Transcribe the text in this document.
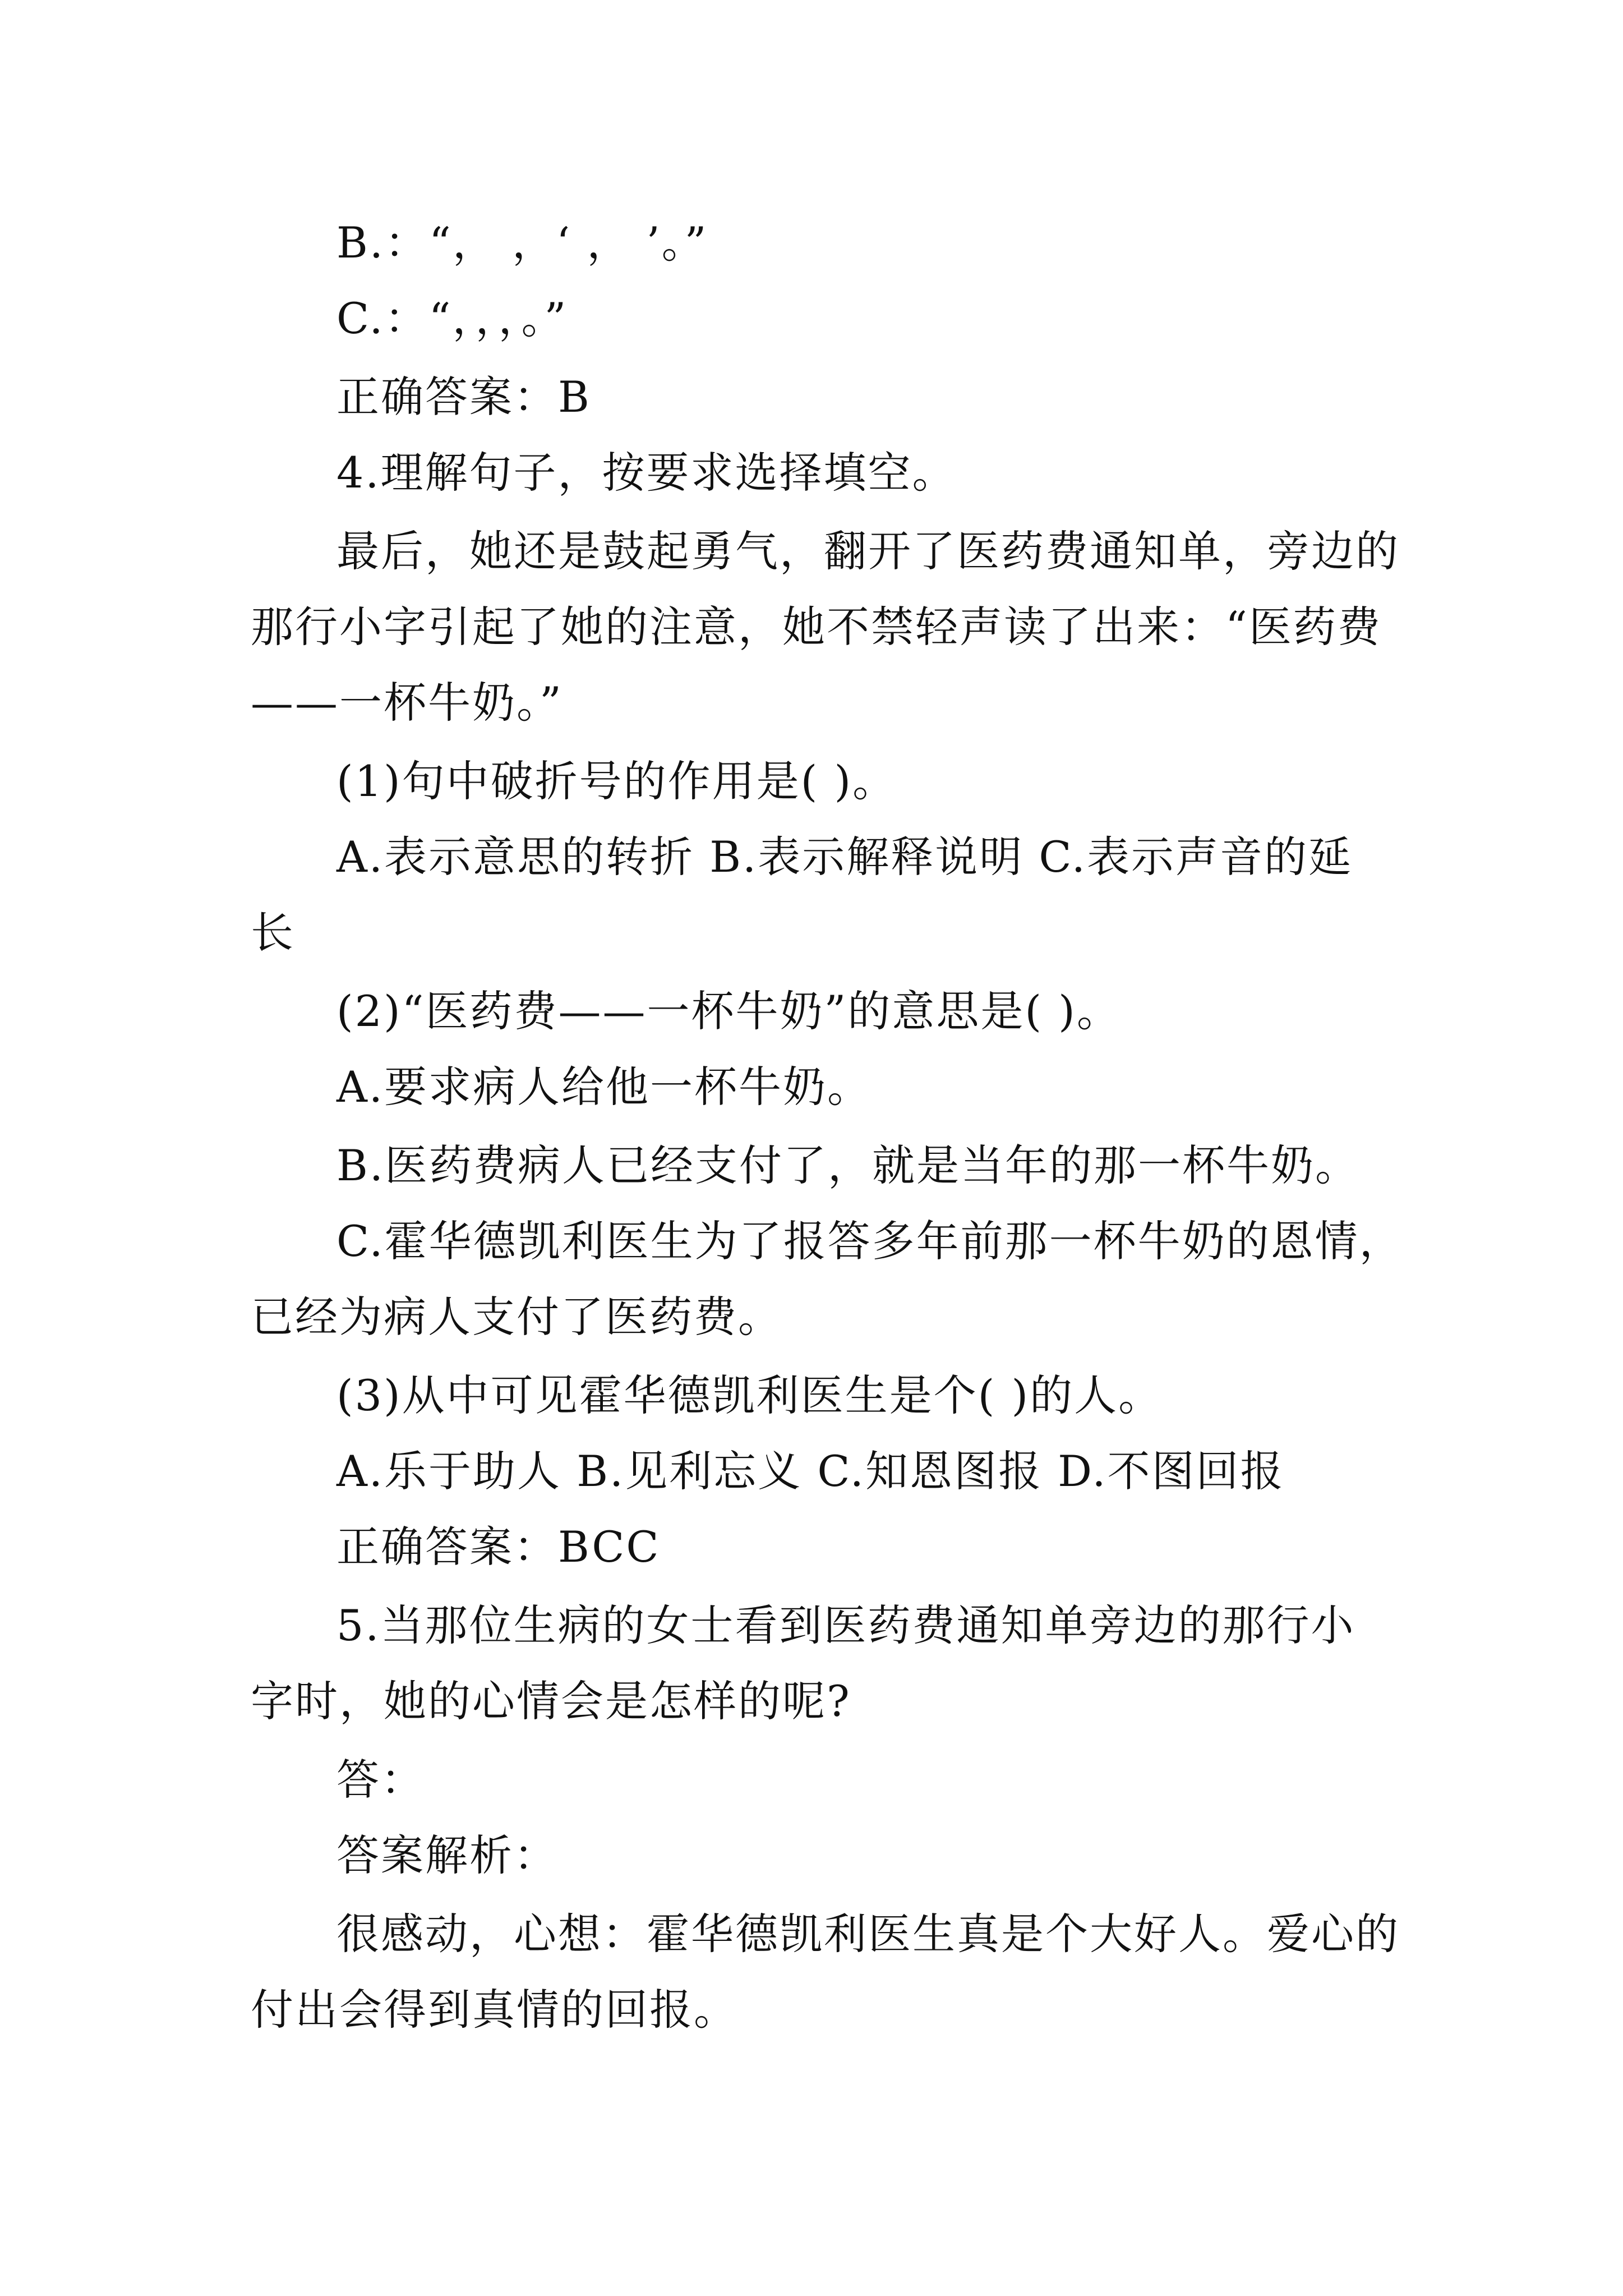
B.：“， ，‘ ， ’。”
C.：“，，，。”
正确答案：B
4.理解句子，按要求选择填空。
最后，她还是鼓起勇气，翻开了医药费通知单，旁边的
那行小字引起了她的注意，她不禁轻声读了出来：“医药费
——一杯牛奶。”
(1)句中破折号的作用是( )。
A.表示意思的转折 B.表示解释说明 C.表示声音的延
长
(2)“医药费——一杯牛奶”的意思是( )。
A.要求病人给他一杯牛奶。
B.医药费病人已经支付了，就是当年的那一杯牛奶。
C.霍华德凯利医生为了报答多年前那一杯牛奶的恩情，
已经为病人支付了医药费。
(3)从中可见霍华德凯利医生是个( )的人。
A.乐于助人 B.见利忘义 C.知恩图报 D.不图回报
正确答案：BCC
5.当那位生病的女士看到医药费通知单旁边的那行小
字时，她的心情会是怎样的呢?
答：
答案解析：
很感动，心想：霍华德凯利医生真是个大好人。爱心的
付出会得到真情的回报。
